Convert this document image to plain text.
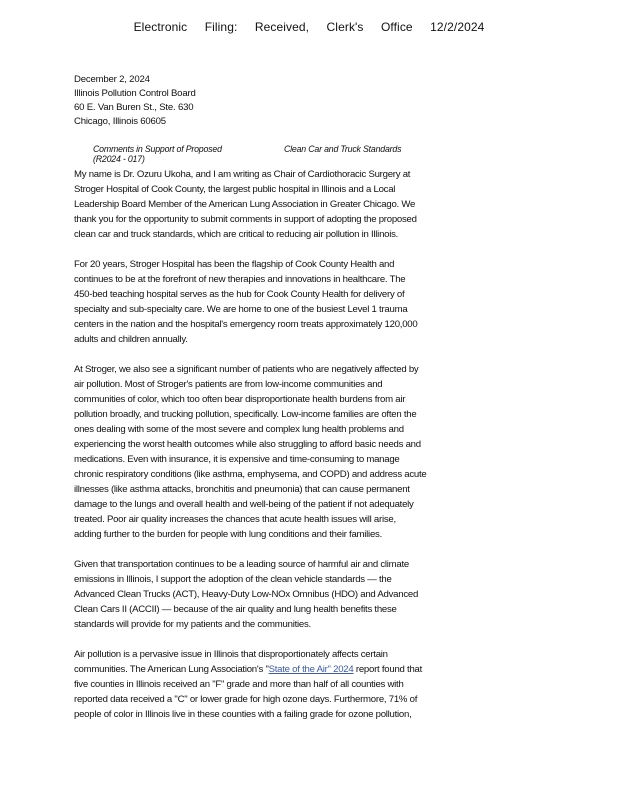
Electronic Filing: Received, Clerk's Office 12/2/2024
December 2, 2024
Illinois Pollution Control Board
60 E. Van Buren St., Ste. 630
Chicago, Illinois 60605
Comments in Support of Proposed	Clean Car and Truck Standards (R2024 - 017)
My name is Dr. Ozuru Ukoha, and I am writing as Chair of Cardiothoracic Surgery at
Stroger Hospital of Cook County, the largest public hospital in Illinois and a Local
Leadership Board Member of the American Lung Association in Greater Chicago. We
thank you for the opportunity to submit comments in support of adopting the proposed
clean car and truck standards, which are critical to reducing air pollution in Illinois.
For 20 years, Stroger Hospital has been the flagship of Cook County Health and
continues to be at the forefront of new therapies and innovations in healthcare. The
450-bed teaching hospital serves as the hub for Cook County Health for delivery of
specialty and sub-specialty care. We are home to one of the busiest Level 1 trauma
centers in the nation and the hospital's emergency room treats approximately 120,000
adults and children annually.
At Stroger, we also see a significant number of patients who are negatively affected by
air pollution. Most of Stroger's patients are from low-income communities and
communities of color, which too often bear disproportionate health burdens from air
pollution broadly, and trucking pollution, specifically. Low-income families are often the
ones dealing with some of the most severe and complex lung health problems and
experiencing the worst health outcomes while also struggling to afford basic needs and
medications. Even with insurance, it is expensive and time-consuming to manage
chronic respiratory conditions (like asthma, emphysema, and COPD) and address acute
illnesses (like asthma attacks, bronchitis and pneumonia) that can cause permanent
damage to the lungs and overall health and well-being of the patient if not adequately
treated. Poor air quality increases the chances that acute health issues will arise,
adding further to the burden for people with lung conditions and their families.
Given that transportation continues to be a leading source of harmful air and climate
emissions in Illinois, I support the adoption of the clean vehicle standards — the
Advanced Clean Trucks (ACT), Heavy-Duty Low-NOx Omnibus (HDO) and Advanced
Clean Cars II (ACCII) — because of the air quality and lung health benefits these
standards will provide for my patients and the communities.
Air pollution is a pervasive issue in Illinois that disproportionately affects certain
communities. The American Lung Association's "State of the Air" 2024 report found that
five counties in Illinois received an "F" grade and more than half of all counties with
reported data received a "C" or lower grade for high ozone days. Furthermore, 71% of
people of color in Illinois live in these counties with a failing grade for ozone pollution,
